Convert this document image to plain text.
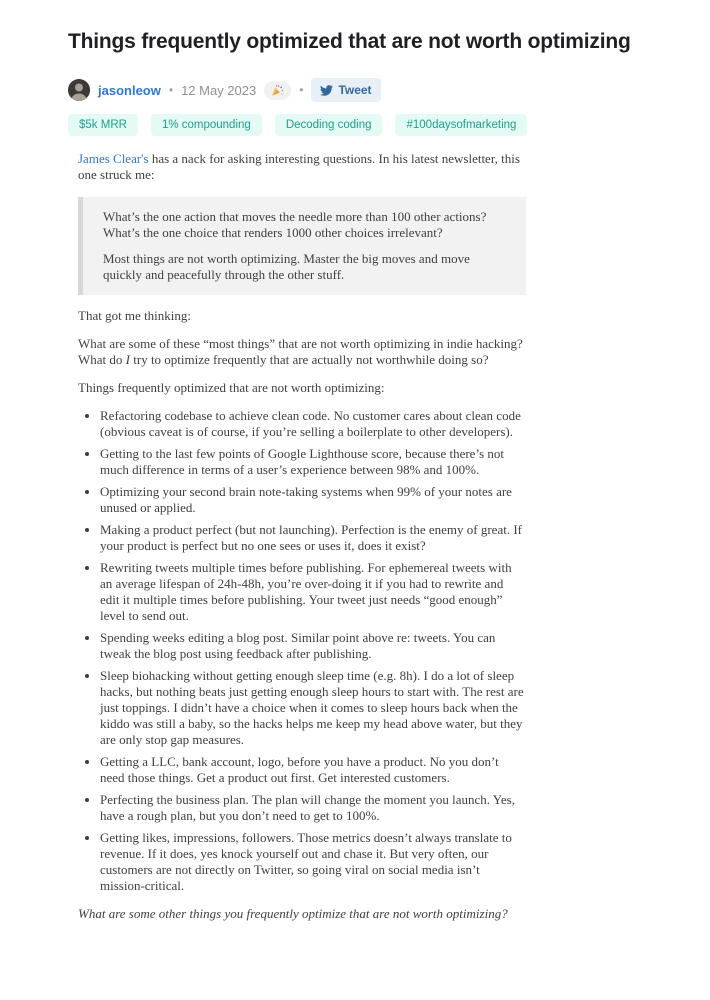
Things frequently optimized that are not worth optimizing
jasonleow • 12 May 2023	•	Tweet
$5k MRR	1% compounding	Decoding coding	#100daysofmarketing

James Clear's has a nack for asking interesting questions. In his latest newsletter, this one struck me:

What’s the one action that moves the needle more than 100 other actions? What’s the one choice that renders 1000 other choices irrelevant?

Most things are not worth optimizing. Master the big moves and move quickly and peacefully through the other stuff.

That got me thinking:

What are some of these “most things” that are not worth optimizing in indie hacking? What do I try to optimize frequently that are actually not worthwhile doing so?

Things frequently optimized that are not worth optimizing:

• Refactoring codebase to achieve clean code. No customer cares about clean code (obvious caveat is of course, if you’re selling a boilerplate to other developers).
• Getting to the last few points of Google Lighthouse score, because there’s not much difference in terms of a user’s experience between 98% and 100%.
• Optimizing your second brain note-taking systems when 99% of your notes are unused or applied.
• Making a product perfect (but not launching). Perfection is the enemy of great. If your product is perfect but no one sees or uses it, does it exist?
• Rewriting tweets multiple times before publishing. For ephemereal tweets with an average lifespan of 24h-48h, you’re over-doing it if you had to rewrite and edit it multiple times before publishing. Your tweet just needs “good enough” level to send out.
• Spending weeks editing a blog post. Similar point above re: tweets. You can tweak the blog post using feedback after publishing.
• Sleep biohacking without getting enough sleep time (e.g. 8h). I do a lot of sleep hacks, but nothing beats just getting enough sleep hours to start with. The rest are just toppings. I didn’t have a choice when it comes to sleep hours back when the kiddo was still a baby, so the hacks helps me keep my head above water, but they are only stop gap measures.
• Getting a LLC, bank account, logo, before you have a product. No you don’t need those things. Get a product out first. Get interested customers.
• Perfecting the business plan. The plan will change the moment you launch. Yes, have a rough plan, but you don’t need to get to 100%.
• Getting likes, impressions, followers. Those metrics doesn’t always translate to revenue. If it does, yes knock yourself out and chase it. But very often, our customers are not directly on Twitter, so going viral on social media isn’t mission-critical.

What are some other things you frequently optimize that are not worth optimizing?
